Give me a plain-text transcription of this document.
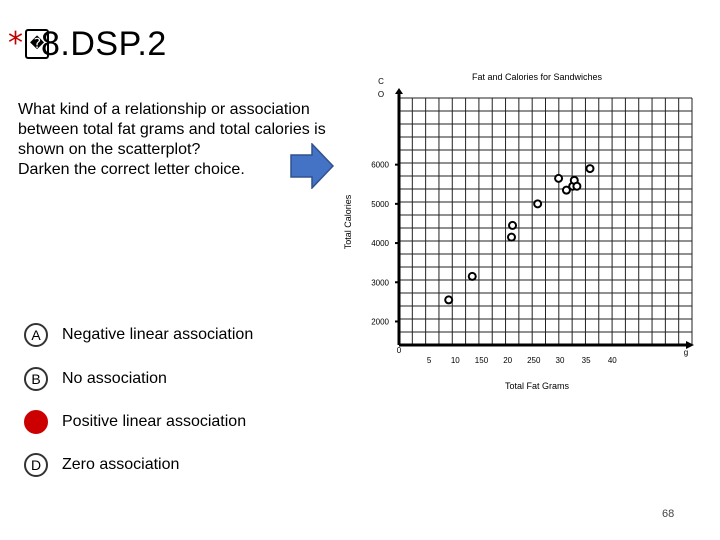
* �
8.DSP.2
What kind of a relationship or association
between total fat grams and total calories is
shown on the scatterplot?
Darken the correct letter choice.
2000
3000
4000
5000
6000
0
5 10 150 20 250 30 35 40
Fat and Calories for Sandwiches
C
O
g
Total Fat Grams
Total Calories
A	Negative linear association
B	No association
C	Positive linear association
D	Zero association
68
